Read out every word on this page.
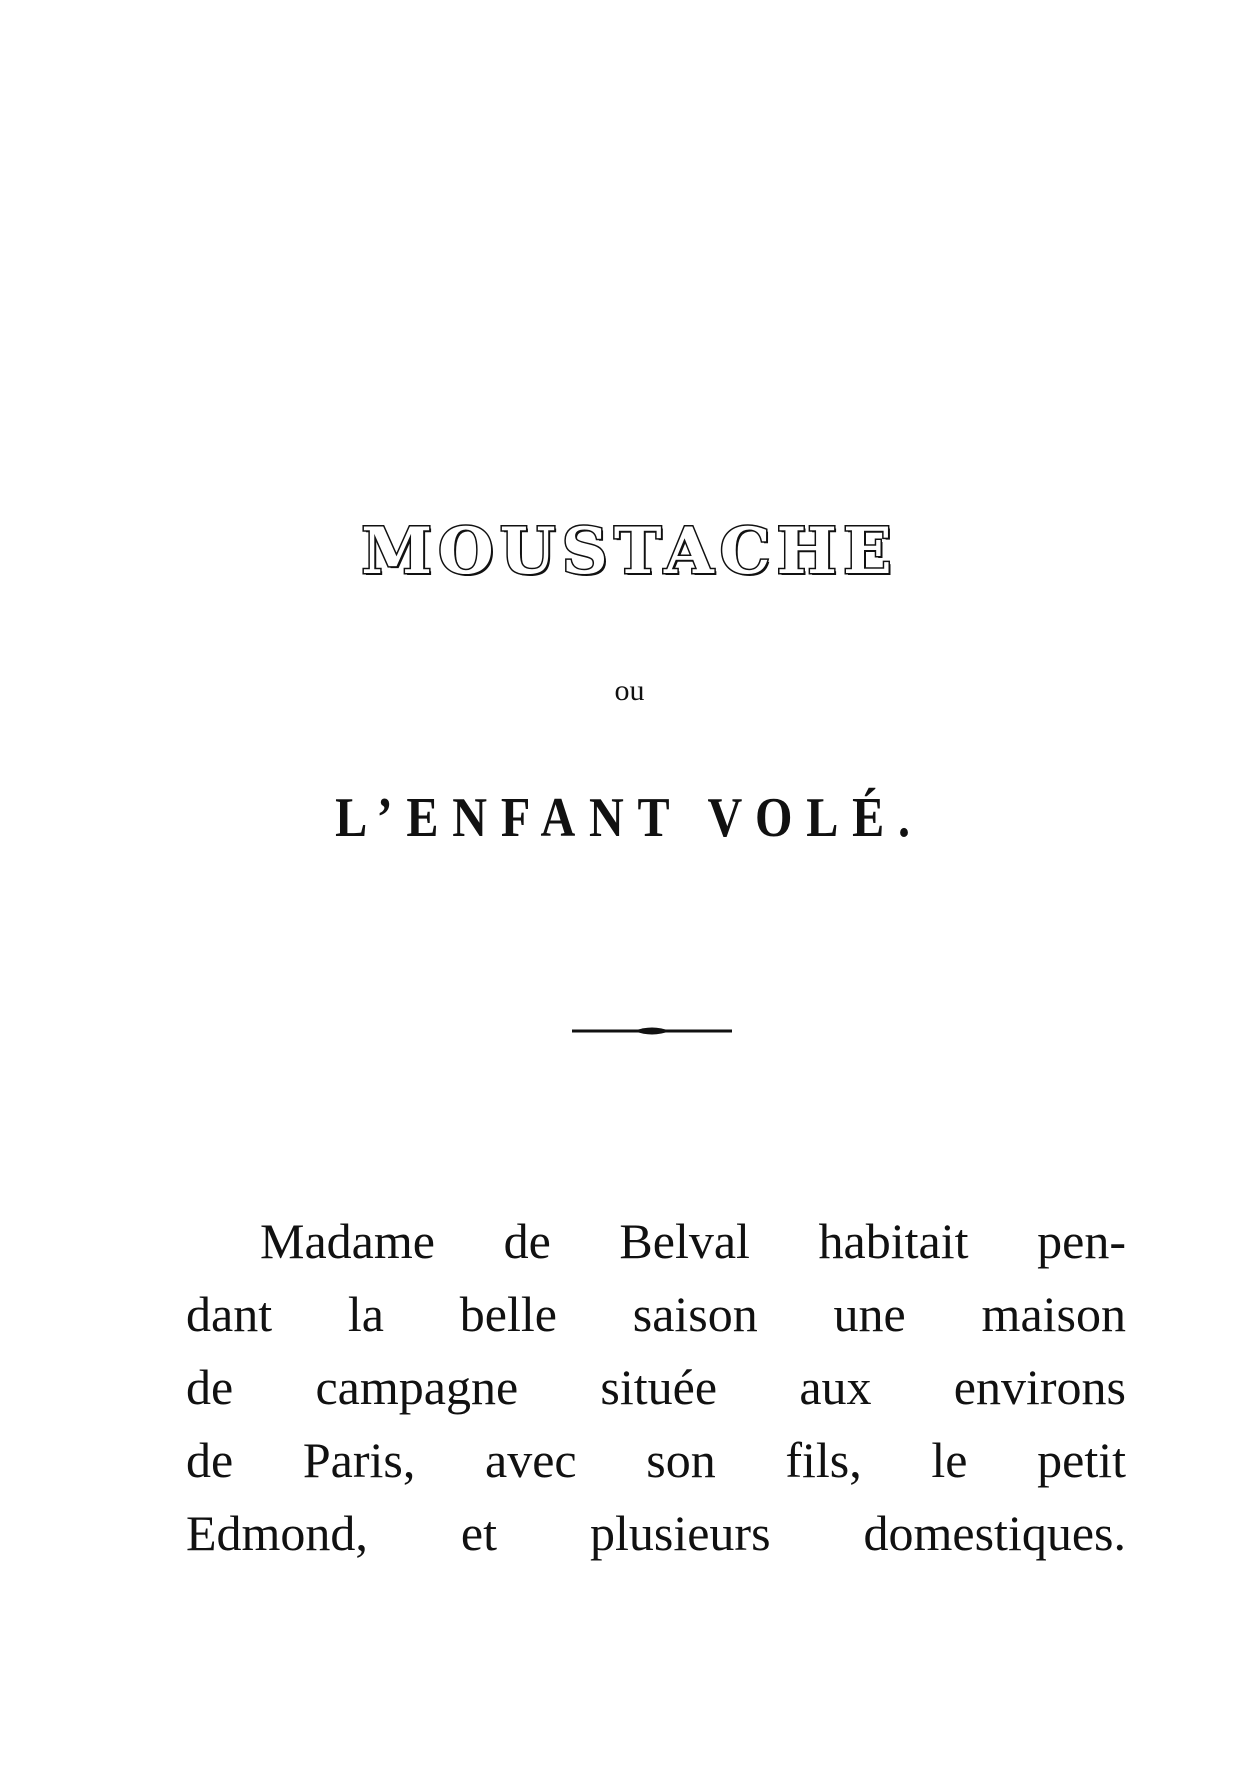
MOUSTACHE
ou
L’ENFANT VOLÉ.
Madame de Belval habitait pen-
dant la belle saison une maison
de campagne située aux environs
de Paris, avec son fils, le petit
Edmond, et plusieurs domestiques.
